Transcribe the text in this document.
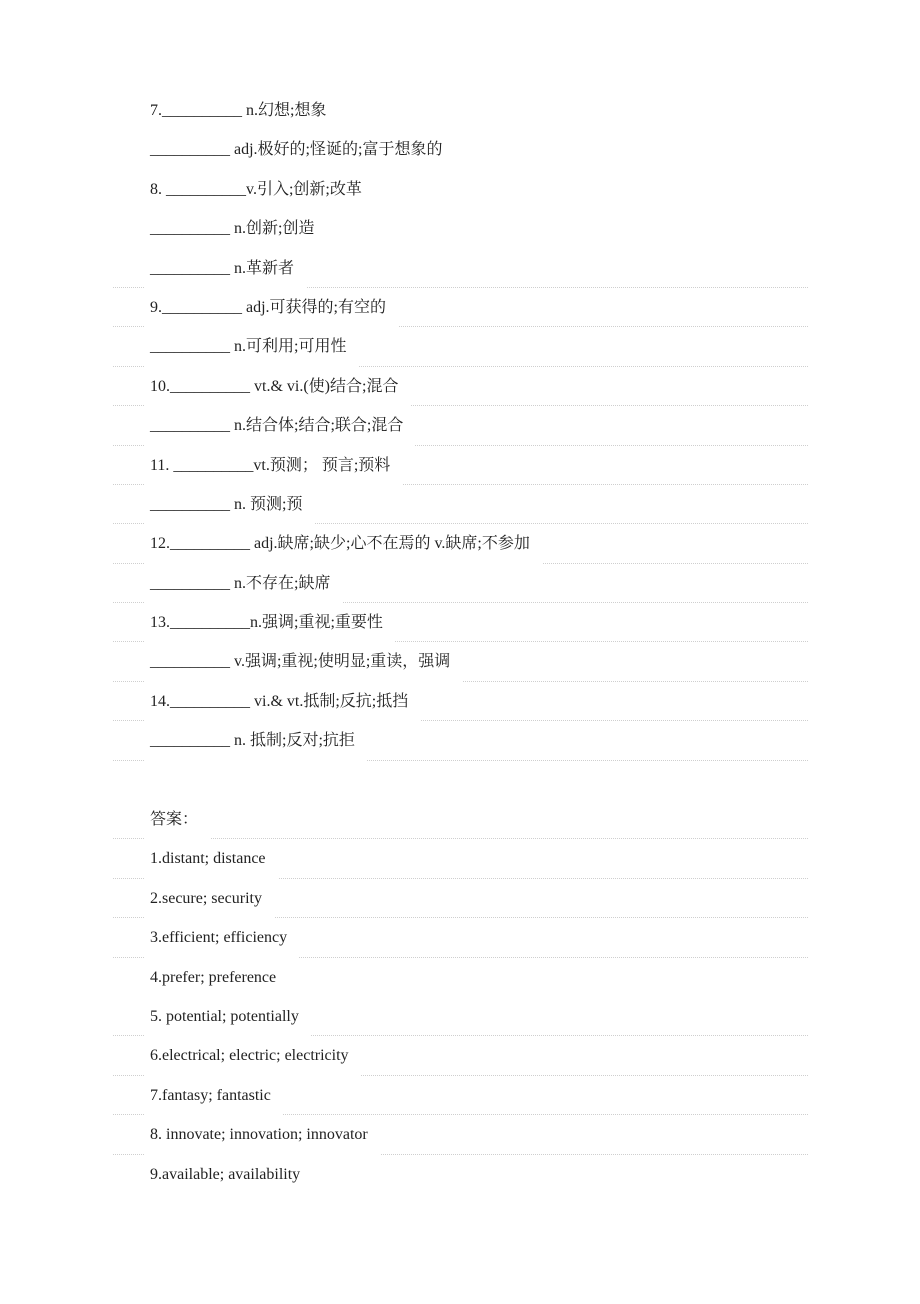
7.__________ n.幻想;想象
__________ adj.极好的;怪诞的;富于想象的
8. __________v.引入;创新;改革
__________ n.创新;创造
__________ n.革新者
9.__________ adj.可获得的;有空的
__________ n.可利用;可用性
10.__________ vt.& vi.(使)结合;混合
__________ n.结合体;结合;联合;混合
11. __________vt.预测； 预言;预料
__________ n. 预测;预
12.__________ adj.缺席;缺少;心不在焉的 v.缺席;不参加
__________ n.不存在;缺席
13.__________n.强调;重视;重要性
__________ v.强调;重视;使明显;重读，强调
14.__________ vi.& vt.抵制;反抗;抵挡
__________ n. 抵制;反对;抗拒
答案：
1.distant; distance
2.secure; security
3.efficient; efficiency
4.prefer; preference
5. potential; potentially
6.electrical; electric; electricity
7.fantasy; fantastic
8. innovate; innovation; innovator
9.available; availability
